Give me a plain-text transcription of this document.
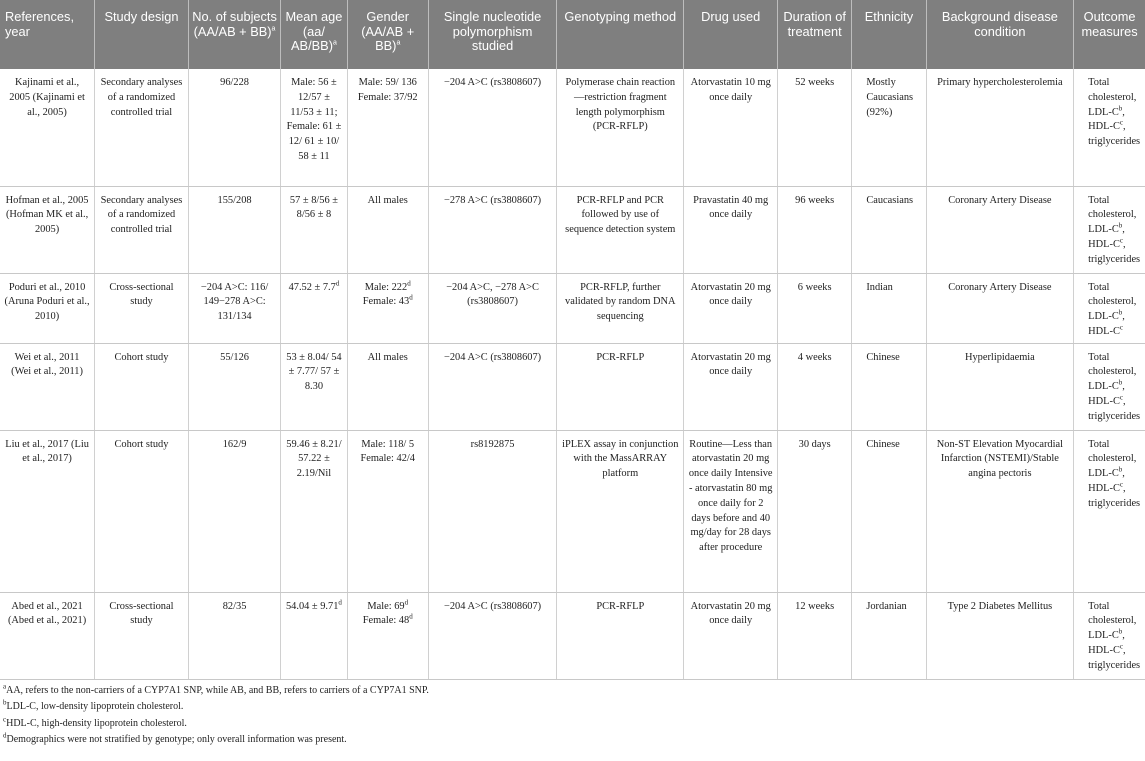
References, year	Study design	No. of subjects (AA/AB + BB)$^a$	Mean age (aa/ AB/BB)$^a$	Gender (AA/AB + BB)$^a$	Single nucleotide polymorphism studied	Genotyping method	Drug used	Duration of treatment	Ethnicity	Background disease condition	Outcome measures
Kajinami et al., 2005 (Kajinami et al., 2005)	Secondary analyses of a randomized controlled trial	96/228	Male: 56 ± 12/57 ± 11/53 ± 11; Female: 61 ± 12/ 61 ± 10/ 58 ± 11	Male: 59/ 136 Female: 37/92	−204 A>C (rs3808607)	Polymerase chain reaction—restriction fragment length polymorphism (PCR-RFLP)	Atorvastatin 10 mg once daily	52 weeks	Mostly Caucasians (92%)	Primary hypercholesterolemia	Total cholesterol, LDL-$C^b$, HDL-$C^c$, triglycerides
Hofman et al., 2005 (Hofman MK et al., 2005)	Secondary analyses of a randomized controlled trial	155/208	57 ± 8/56 ± 8/56 ± 8	All males	−278 A>C (rs3808607)	PCR-RFLP and PCR followed by use of sequence detection system	Pravastatin 40 mg once daily	96 weeks	Caucasians	Coronary Artery Disease	Total cholesterol, LDL-$C^b$, HDL-$C^c$, triglycerides
Poduri et al., 2010 (Aruna Poduri et al., 2010)	Cross-sectional study	−204 A>C: 116/ 149−278 A>C: 131/134	47.52 ± 7.7$^d$	Male: 222$^d$ Female: $43^d$	−204 A>C, −278 A>C (rs3808607)	PCR-RFLP, further validated by random DNA sequencing	Atorvastatin 20 mg once daily	6 weeks	Indian	Coronary Artery Disease	Total cholesterol, LDL-$C^b$, HDL-$C^c$
Wei et al., 2011 (Wei et al., 2011)	Cohort study	55/126	53 ± 8.04/ 54 ± 7.77/ 57 ± 8.30	All males	−204 A>C (rs3808607)	PCR-RFLP	Atorvastatin 20 mg once daily	4 weeks	Chinese	Hyperlipidaemia	Total cholesterol, LDL-$C^b$, HDL-$C^c$, triglycerides
Liu et al., 2017 (Liu et al., 2017)	Cohort study	162/9	59.46 ± 8.21/ 57.22 ± 2.19/Nil	Male: 118/ 5 Female: 42/4	rs8192875	iPLEX assay in conjunction with the MassARRAY platform	Routine—Less than atorvastatin 20 mg once daily Intensive - atorvastatin 80 mg once daily for 2 days before and 40 mg/day for 28 days after procedure	30 days	Chinese	Non-ST Elevation Myocardial Infarction (NSTEMI)/Stable angina pectoris	Total cholesterol, LDL-$C^b$, HDL-$C^c$, triglycerides
Abed et al., 2021 (Abed et al., 2021)	Cross-sectional study	82/35	54.04 ± 9.71$^d$	Male: 69$^d$ Female: $48^d$	−204 A>C (rs3808607)	PCR-RFLP	Atorvastatin 20 mg once daily	12 weeks	Jordanian	Type 2 Diabetes Mellitus	Total cholesterol, LDL-$C^b$, HDL-$C^c$, triglycerides
$^a$AA, refers to the non-carriers of a CYP7A1 SNP, while AB, and BB, refers to carriers of a CYP7A1 SNP.
$^b$LDL-C, low-density lipoprotein cholesterol.
$^c$HDL-C, high-density lipoprotein cholesterol.
$^d$Demographics were not stratified by genotype; only overall information was present.
